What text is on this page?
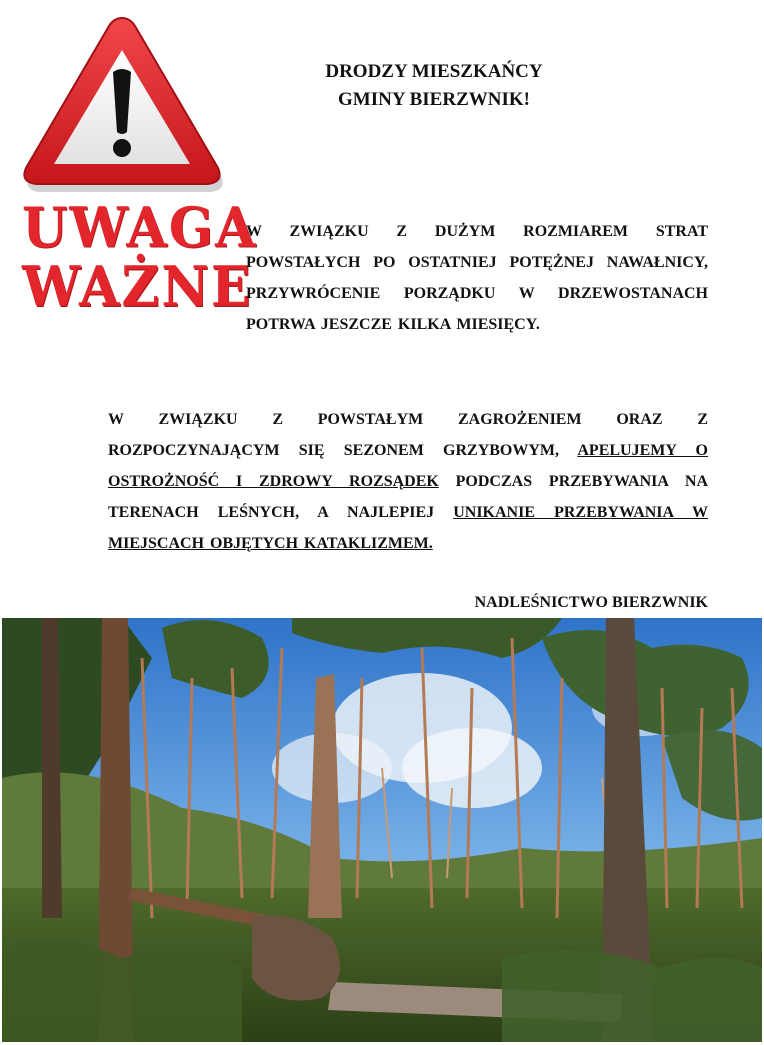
UWAGA
WAŻNE
DRODZY MIESZKAŃCY
GMINY BIERZWNIK!
W ZWIĄZKU Z DUŻYM ROZMIAREM STRAT POWSTAŁYCH PO OSTATNIEJ POTĘŻNEJ NAWAŁNICY, PRZYWRÓCENIE PORZĄDKU W DRZEWOSTANACH POTRWA JESZCZE KILKA MIESIĘCY.
W ZWIĄZKU Z POWSTAŁYM ZAGROŻENIEM ORAZ Z ROZPOCZYNAJĄCYM SIĘ SEZONEM GRZYBOWYM, APELUJEMY O OSTROŻNOŚĆ I ZDROWY ROZSĄDEK PODCZAS PRZEBYWANIA NA TERENACH LEŚNYCH, A NAJLEPIEJ UNIKANIE PRZEBYWANIA W MIEJSCACH OBJĘTYCH KATAKLIZMEM.
NADLEŚNICTWO BIERZWNIK
